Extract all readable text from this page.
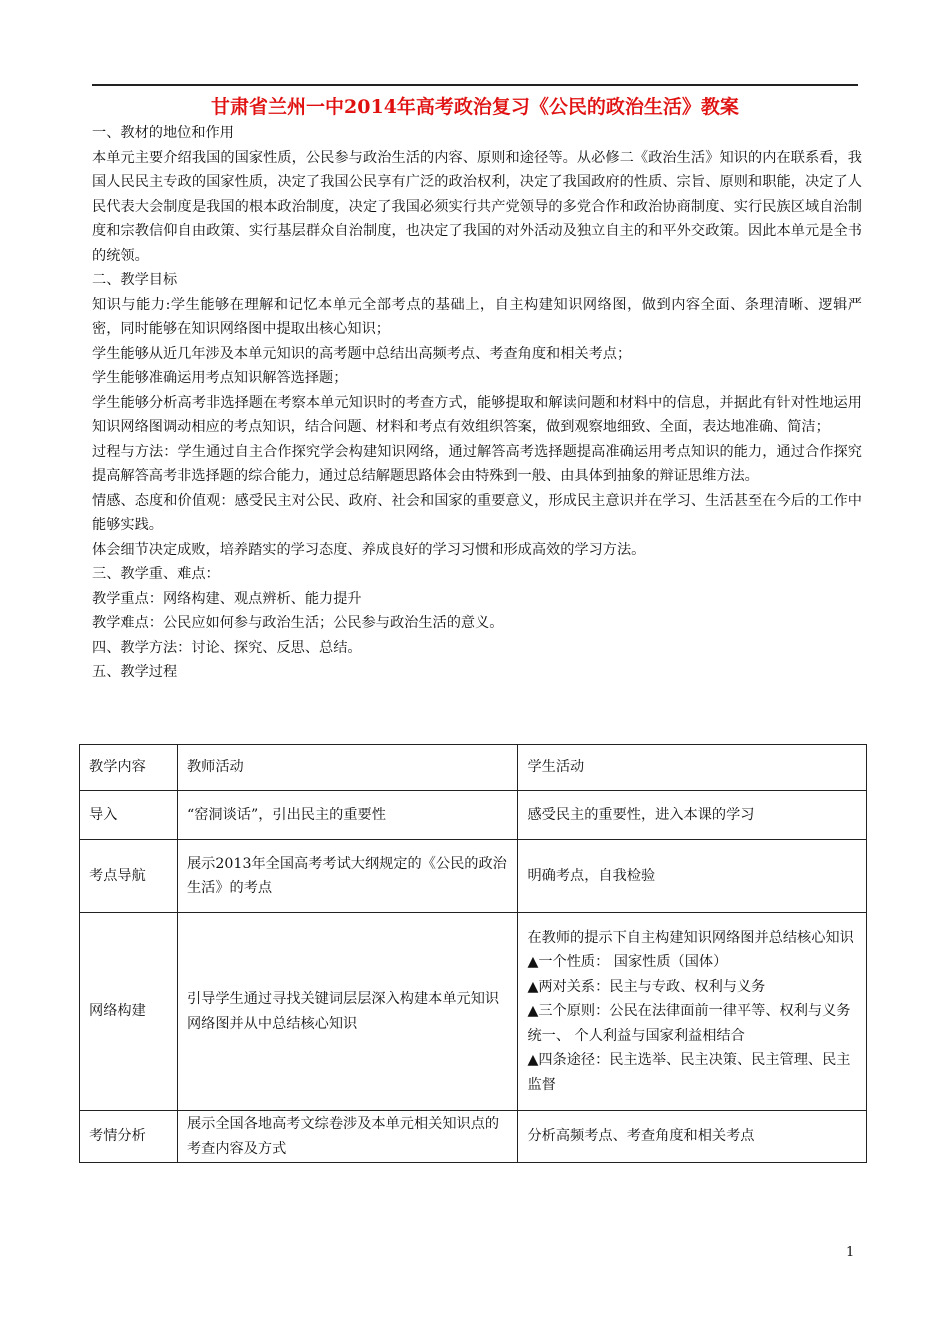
甘肃省兰州一中2014年高考政治复习《公民的政治生活》教案

一、教材的地位和作用

本单元主要介绍我国的国家性质，公民参与政治生活的内容、原则和途径等。从必修二《政治生活》知识的内在联系看，我国人民民主专政的国家性质，决定了我国公民享有广泛的政治权利，决定了我国政府的性质、宗旨、原则和职能，决定了人民代表大会制度是我国的根本政治制度，决定了我国必须实行共产党领导的多党合作和政治协商制度、实行民族区域自治制度和宗教信仰自由政策、实行基层群众自治制度，也决定了我国的对外活动及独立自主的和平外交政策。因此本单元是全书的统领。

二、教学目标

知识与能力:学生能够在理解和记忆本单元全部考点的基础上，自主构建知识网络图，做到内容全面、条理清晰、逻辑严密，同时能够在知识网络图中提取出核心知识；

学生能够从近几年涉及本单元知识的高考题中总结出高频考点、考查角度和相关考点；

学生能够准确运用考点知识解答选择题；

学生能够分析高考非选择题在考察本单元知识时的考查方式，能够提取和解读问题和材料中的信息，并据此有针对性地运用知识网络图调动相应的考点知识，结合问题、材料和考点有效组织答案，做到观察地细致、全面，表达地准确、简洁；

过程与方法：学生通过自主合作探究学会构建知识网络，通过解答高考选择题提高准确运用考点知识的能力，通过合作探究提高解答高考非选择题的综合能力，通过总结解题思路体会由特殊到一般、由具体到抽象的辩证思维方法。

情感、态度和价值观：感受民主对公民、政府、社会和国家的重要意义，形成民主意识并在学习、生活甚至在今后的工作中能够实践。

体会细节决定成败，培养踏实的学习态度、养成良好的学习习惯和形成高效的学习方法。

三、教学重、难点：

教学重点：网络构建、观点辨析、能力提升

教学难点：公民应如何参与政治生活；公民参与政治生活的意义。

四、教学方法：讨论、探究、反思、总结。

五、教学过程

教学内容	教师活动	学生活动
导入	“窑洞谈话”，引出民主的重要性	感受民主的重要性，进入本课的学习

考点导航	展示2013年全国高考考试大纲规定的《公民的政治生活》的考点	明确考点，自我检验

网络构建	引导学生通过寻找关键词层层深入构建本单元知识网络图并从中总结核心知识	在教师的提示下自主构建知识网络图并总结核心知识
▲一个性质： 国家性质（国体）
▲两对关系：民主与专政、权利与义务
▲三个原则：公民在法律面前一律平等、权利与义务统一、 个人利益与国家利益相结合
▲四条途径：民主选举、民主决策、民主管理、民主监督

考情分析	展示全国各地高考文综卷涉及本单元相关知识点的考查内容及方式	分析高频考点、考查角度和相关考点
1
